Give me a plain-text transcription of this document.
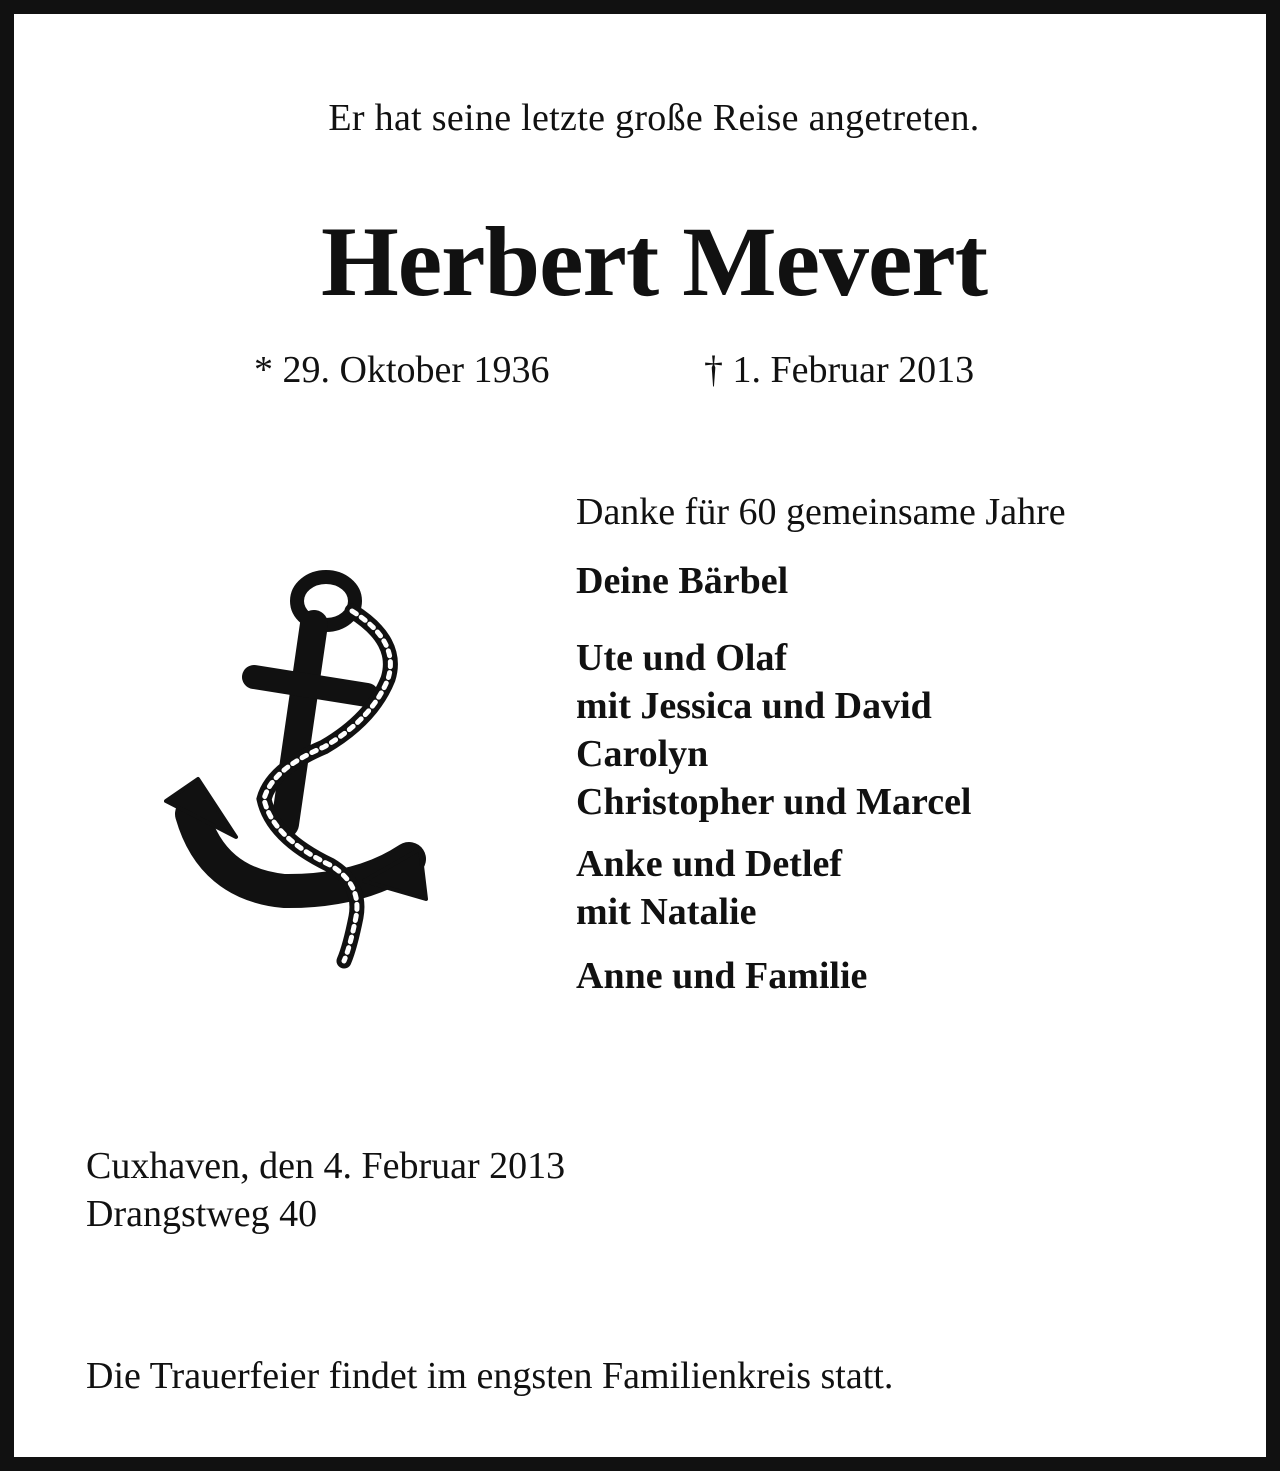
Er hat seine letzte große Reise angetreten.

Herbert Mevert

* 29. Oktober 1936	† 1. Februar 2013

Danke für 60 gemeinsame Jahre

Deine Bärbel

Ute und Olaf

mit Jessica und David

Carolyn

Christopher und Marcel

Anke und Detlef

mit Natalie

Anne und Familie

Cuxhaven, den 4. Februar 2013

Drangstweg 40

Die Trauerfeier findet im engsten Familienkreis statt.
